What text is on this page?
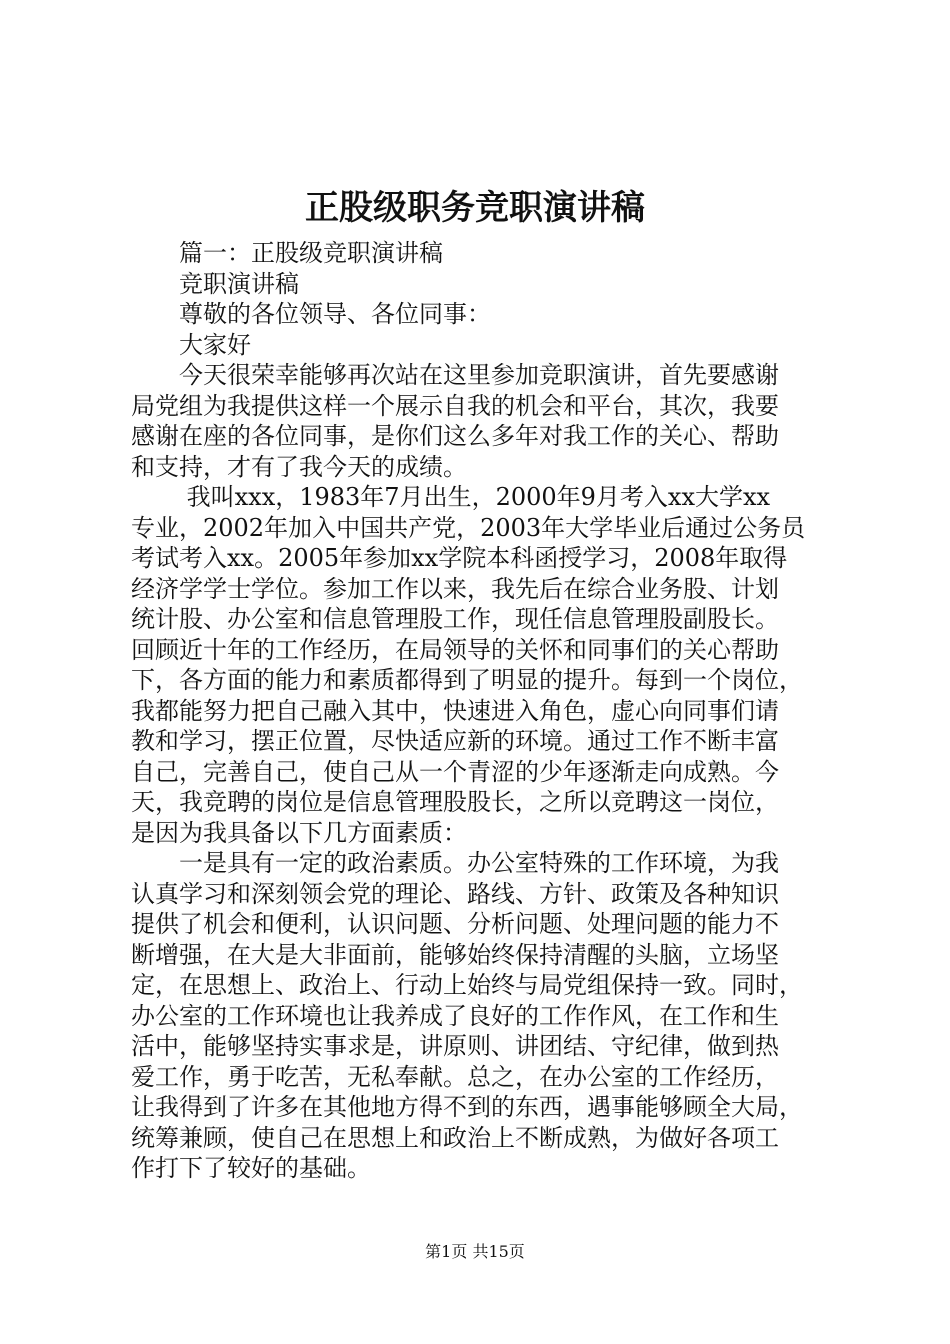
正股级职务竞职演讲稿

篇一：正股级竞职演讲稿

竞职演讲稿

尊敬的各位领导、各位同事：

大家好

今天很荣幸能够再次站在这里参加竞职演讲，首先要感谢

局党组为我提供这样一个展示自我的机会和平台，其次，我要

感谢在座的各位同事，是你们这么多年对我工作的关心、帮助

和支持，才有了我今天的成绩。

我叫xxx，1983年7月出生，2000年9月考入xx大学xx

专业，2002年加入中国共产党，2003年大学毕业后通过公务员

考试考入xx。2005年参加xx学院本科函授学习，2008年取得

经济学学士学位。参加工作以来，我先后在综合业务股、计划

统计股、办公室和信息管理股工作，现任信息管理股副股长。

回顾近十年的工作经历，在局领导的关怀和同事们的关心帮助

下，各方面的能力和素质都得到了明显的提升。每到一个岗位，

我都能努力把自己融入其中，快速进入角色，虚心向同事们请

教和学习，摆正位置，尽快适应新的环境。通过工作不断丰富

自己，完善自己，使自己从一个青涩的少年逐渐走向成熟。今

天，我竞聘的岗位是信息管理股股长，之所以竞聘这一岗位，

是因为我具备以下几方面素质：

一是具有一定的政治素质。办公室特殊的工作环境，为我

认真学习和深刻领会党的理论、路线、方针、政策及各种知识

提供了机会和便利，认识问题、分析问题、处理问题的能力不

断增强，在大是大非面前，能够始终保持清醒的头脑，立场坚

定，在思想上、政治上、行动上始终与局党组保持一致。同时，

办公室的工作环境也让我养成了良好的工作作风，在工作和生

活中，能够坚持实事求是，讲原则、讲团结、守纪律，做到热

爱工作，勇于吃苦，无私奉献。总之，在办公室的工作经历，

让我得到了许多在其他地方得不到的东西，遇事能够顾全大局，

统筹兼顾，使自己在思想上和政治上不断成熟，为做好各项工

作打下了较好的基础。

第1页 共15页
